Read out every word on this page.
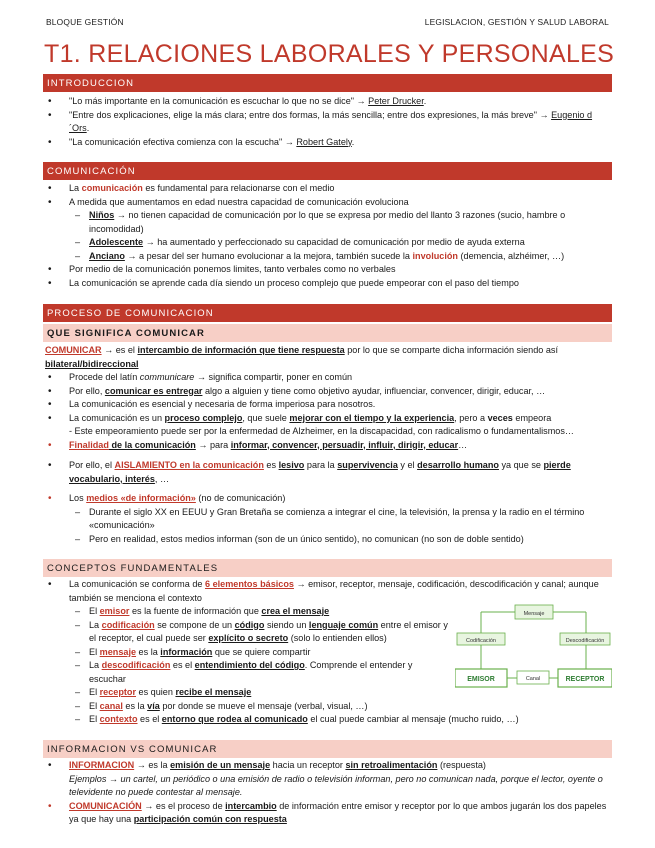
BLOQUE GESTIÓN	LEGISLACION, GESTIÓN Y SALUD LABORAL
T1. RELACIONES LABORALES Y PERSONALES
INTRODUCCION
• "Lo más importante en la comunicación es escuchar lo que no se dice" → Peter Drucker.
• "Entre dos explicaciones, elige la más clara; entre dos formas, la más sencilla; entre dos expresiones, la más breve" → Eugenio d´Ors.
• "La comunicación efectiva comienza con la escucha" → Robert Gately.
COMUNICACIÓN
• La comunicación es fundamental para relacionarse con el medio
• A medida que aumentamos en edad nuestra capacidad de comunicación evoluciona
– Niños → no tienen capacidad de comunicación por lo que se expresa por medio del llanto 3 razones (sucio, hambre o incomodidad)
– Adolescente → ha aumentado y perfeccionado su capacidad de comunicación por medio de ayuda externa
– Anciano → a pesar del ser humano evolucionar a la mejora, también sucede la involución (demencia, alzhéimer, …)
• Por medio de la comunicación ponemos limites, tanto verbales como no verbales
• La comunicación se aprende cada día siendo un proceso complejo que puede empeorar con el paso del tiempo
PROCESO DE COMUNICACION
QUE SIGNIFICA COMUNICAR
COMUNICAR → es el intercambio de información que tiene respuesta por lo que se comparte dicha información siendo así bilateral/bidireccional
• Procede del latín communicare → significa compartir, poner en común
• Por ello, comunicar es entregar algo a alguien y tiene como objetivo ayudar, influenciar, convencer, dirigir, educar, …
• La comunicación es esencial y necesaria de forma imperiosa para nosotros.
• La comunicación es un proceso complejo, que suele mejorar con el tiempo y la experiencia, pero a veces empeora
- Este empeoramiento puede ser por la enfermedad de Alzheimer, en la discapacidad, con radicalismo o fundamentalismos…
• Finalidad de la comunicación → para informar, convencer, persuadir, influir, dirigir, educar…
• Por ello, el AISLAMIENTO en la comunicación es lesivo para la supervivencia y el desarrollo humano ya que se pierde vocabulario, interés, …
• Los medios «de información» (no de comunicación)
– Durante el siglo XX en EEUU y Gran Bretaña se comienza a integrar el cine, la televisión, la prensa y la radio en el término «comunicación»
– Pero en realidad, estos medios informan (son de un único sentido), no comunican (no son de doble sentido)
CONCEPTOS FUNDAMENTALES
• La comunicación se conforma de 6 elementos básicos → emisor, receptor, mensaje, codificación, descodificación y canal; aunque también se menciona el contexto
– El emisor es la fuente de información que crea el mensaje
– La codificación se compone de un código siendo un lenguaje común entre el emisor y el receptor, el cual puede ser explícito o secreto (solo lo entienden ellos)
– El mensaje es la información que se quiere compartir
– La descodificación es el entendimiento del código. Comprende el entender y escuchar
– El receptor es quien recibe el mensaje
– El canal es la vía por donde se mueve el mensaje (verbal, visual, …)
– El contexto es el entorno que rodea al comunicado el cual puede cambiar al mensaje (mucho ruido, …)
Mensaje
Codificación	Descodificación
EMISOR	Canal	RECEPTOR
INFORMACION VS COMUNICAR
• INFORMACION → es la emisión de un mensaje hacia un receptor sin retroalimentación (respuesta)
Ejemplos → un cartel, un periódico o una emisión de radio o televisión informan, pero no comunican nada, porque el lector, oyente o televidente no puede contestar al mensaje.
• COMUNICACIÓN → es el proceso de intercambio de información entre emisor y receptor por lo que ambos jugarán los dos papeles ya que hay una participación común con respuesta
